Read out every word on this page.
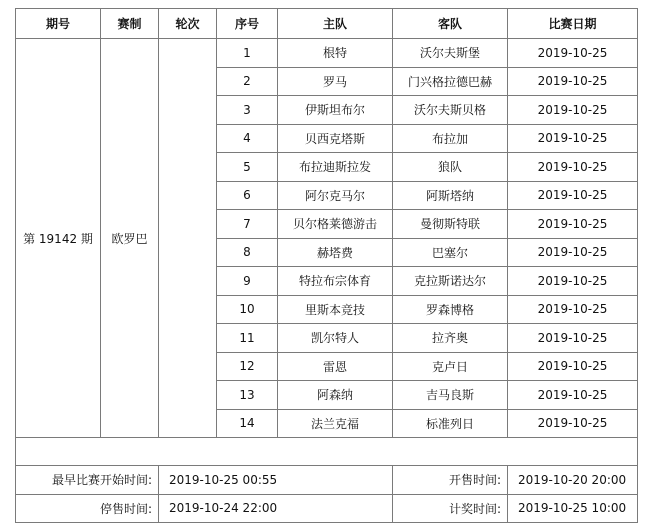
期号	赛制	轮次	序号	主队	客队	比赛日期
第 19142 期	欧罗巴		1	根特	沃尔夫斯堡	2019-10-25
			2	罗马	门兴格拉德巴赫	2019-10-25
			3	伊斯坦布尔	沃尔夫斯贝格	2019-10-25
			4	贝西克塔斯	布拉加	2019-10-25
			5	布拉迪斯拉发	狼队	2019-10-25
			6	阿尔克马尔	阿斯塔纳	2019-10-25
			7	贝尔格莱德游击	曼彻斯特联	2019-10-25
			8	赫塔费	巴塞尔	2019-10-25
			9	特拉布宗体育	克拉斯诺达尔	2019-10-25
			10	里斯本竞技	罗森博格	2019-10-25
			11	凯尔特人	拉齐奥	2019-10-25
			12	雷恩	克卢日	2019-10-25
			13	阿森纳	吉马良斯	2019-10-25
			14	法兰克福	标准列日	2019-10-25

最早比赛开始时间:		2019-10-25 00:55			开售时间:	2019-10-20 20:00
停售时间:		2019-10-24 22:00			计奖时间:	2019-10-25 10:00
